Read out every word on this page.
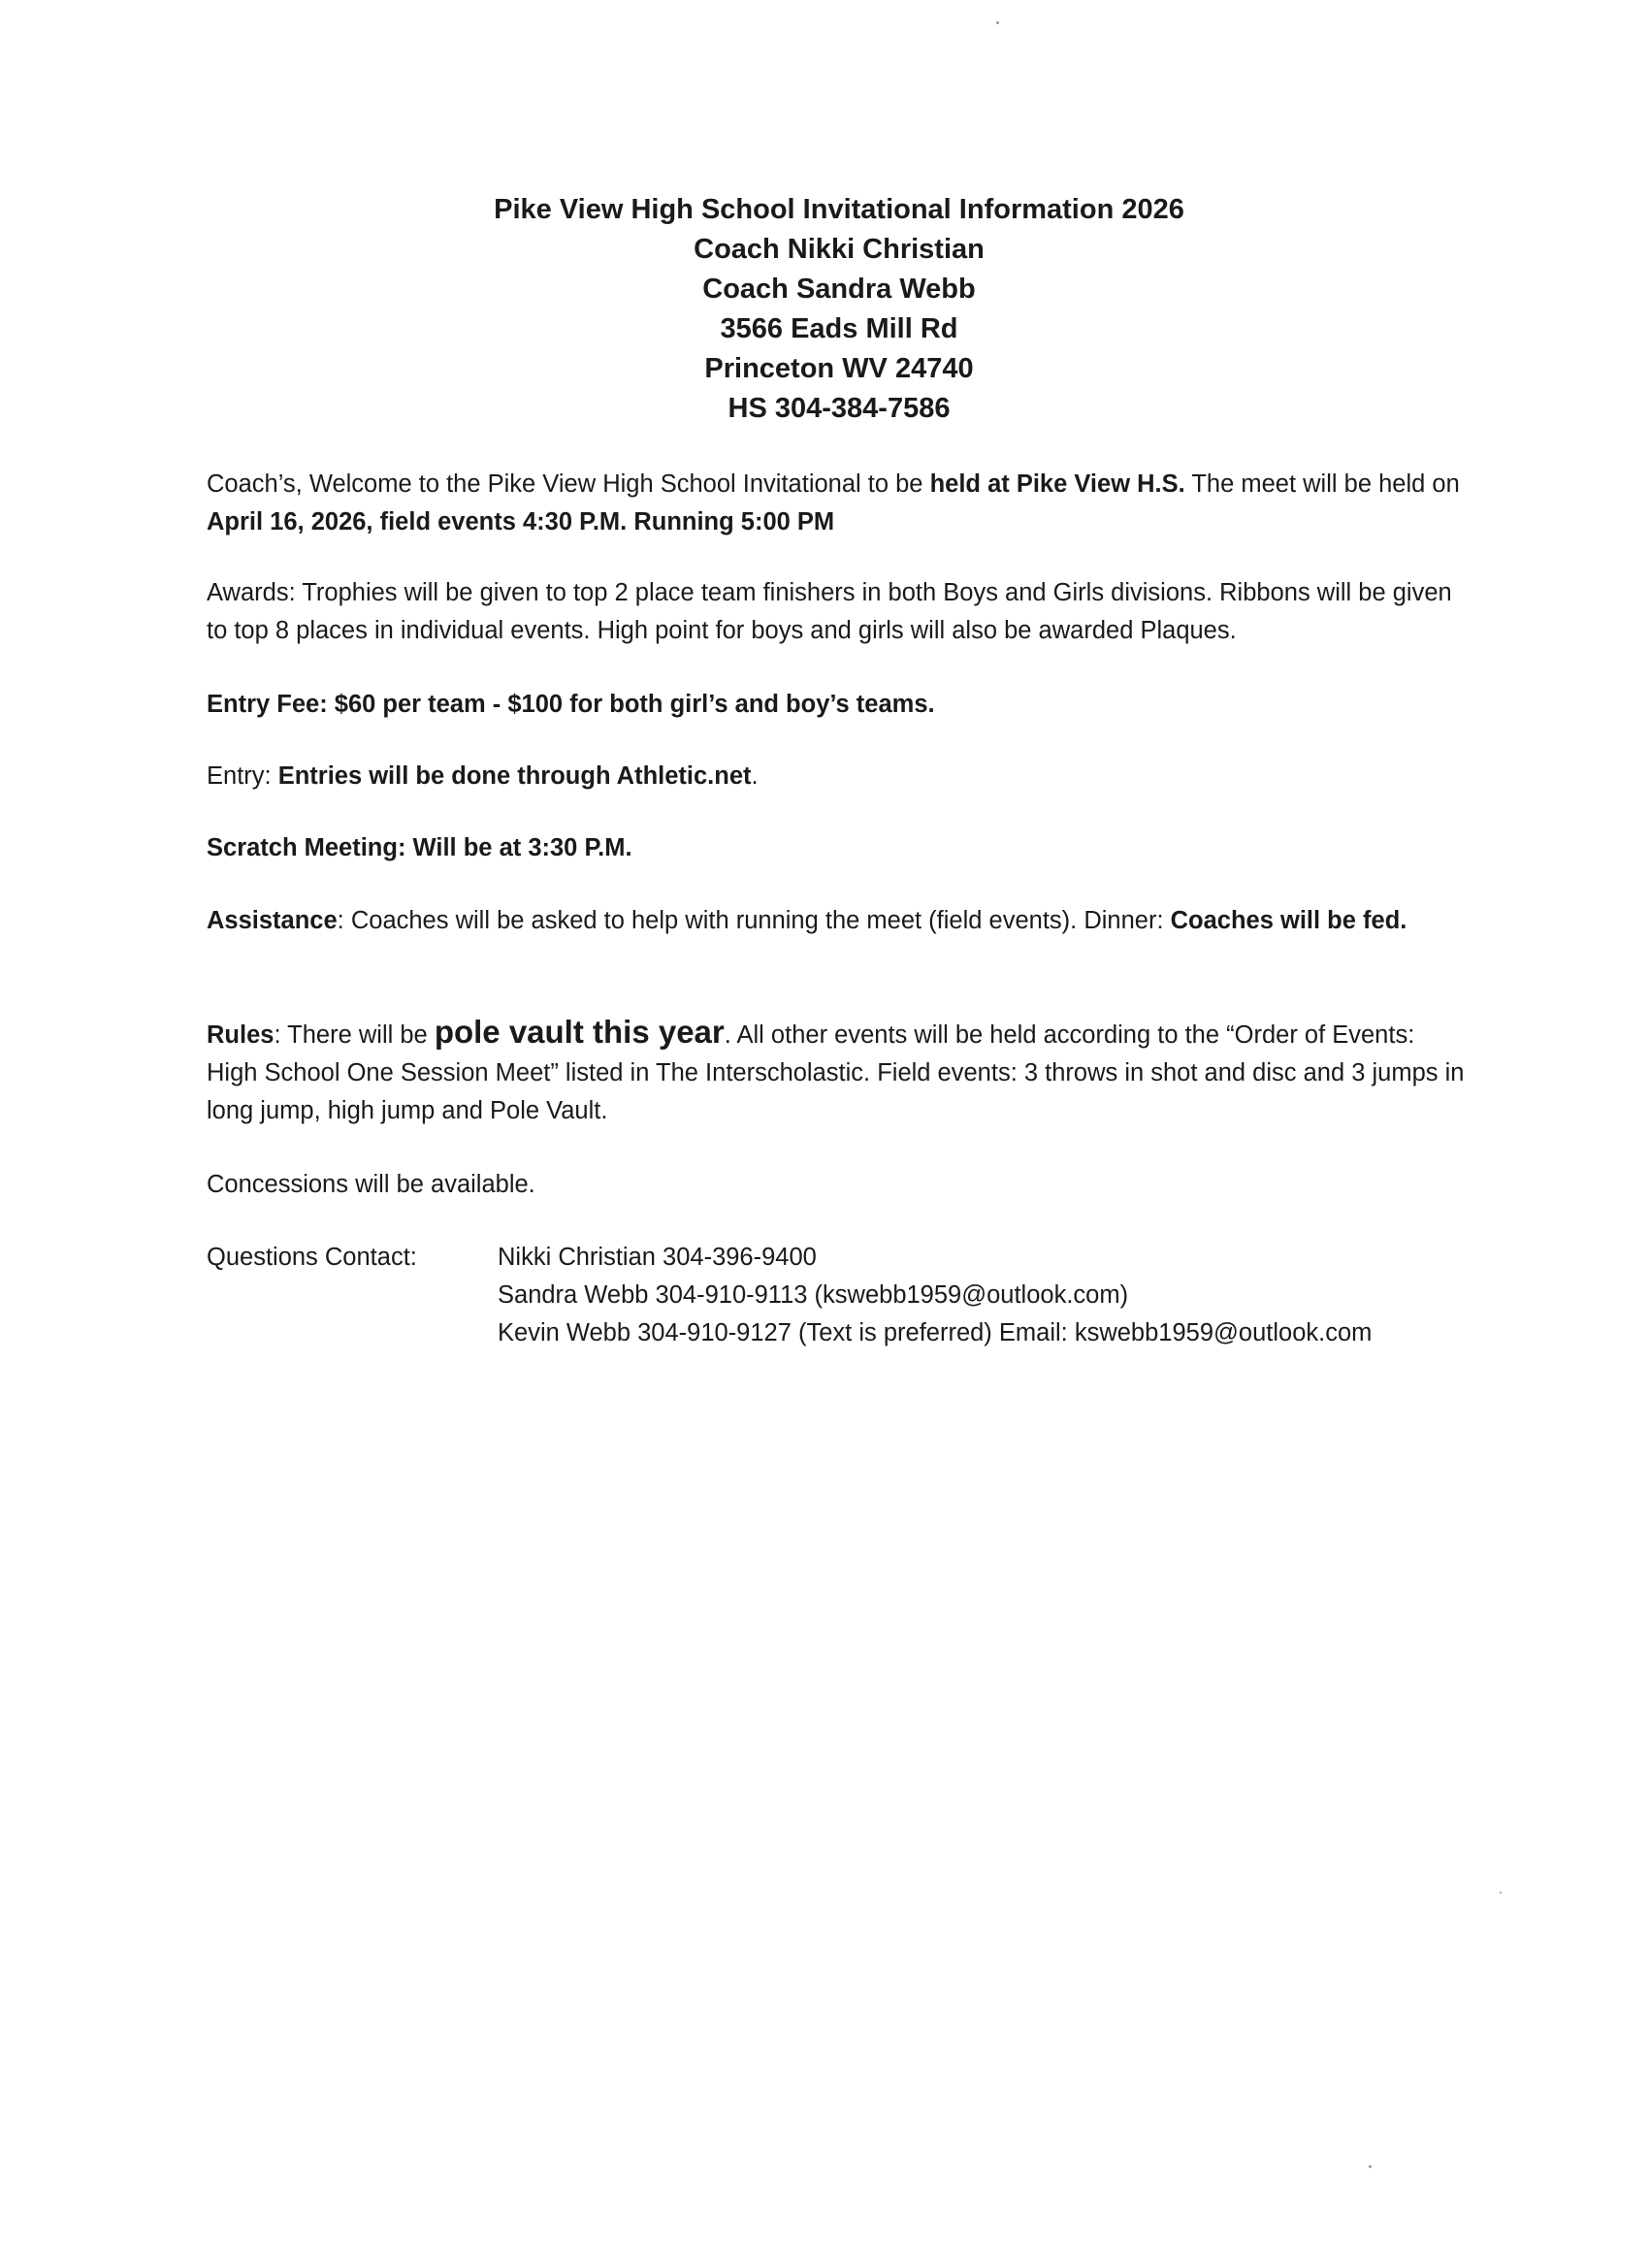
Pike View High School Invitational Information 2026
Coach Nikki Christian
Coach Sandra Webb
3566 Eads Mill Rd
Princeton WV 24740
HS 304-384-7586
Coach’s, Welcome to the Pike View High School Invitational to be held at Pike View H.S. The meet will be held on April 16, 2026, field events 4:30 P.M. Running 5:00 PM
Awards: Trophies will be given to top 2 place team finishers in both Boys and Girls divisions. Ribbons will be given to top 8 places in individual events. High point for boys and girls will also be awarded Plaques.
Entry Fee: $60 per team - $100 for both girl’s and boy’s teams.
Entry: Entries will be done through Athletic.net.
Scratch Meeting: Will be at 3:30 P.M.
Assistance: Coaches will be asked to help with running the meet (field events). Dinner: Coaches will be fed.
Rules: There will be pole vault this year. All other events will be held according to the “Order of Events: High School One Session Meet” listed in The Interscholastic. Field events: 3 throws in shot and disc and 3 jumps in long jump, high jump and Pole Vault.
Concessions will be available.
Questions Contact:	Nikki Christian 304-396-9400
Sandra Webb 304-910-9113 (kswebb1959@outlook.com)
Kevin Webb 304-910-9127 (Text is preferred) Email: kswebb1959@outlook.com
